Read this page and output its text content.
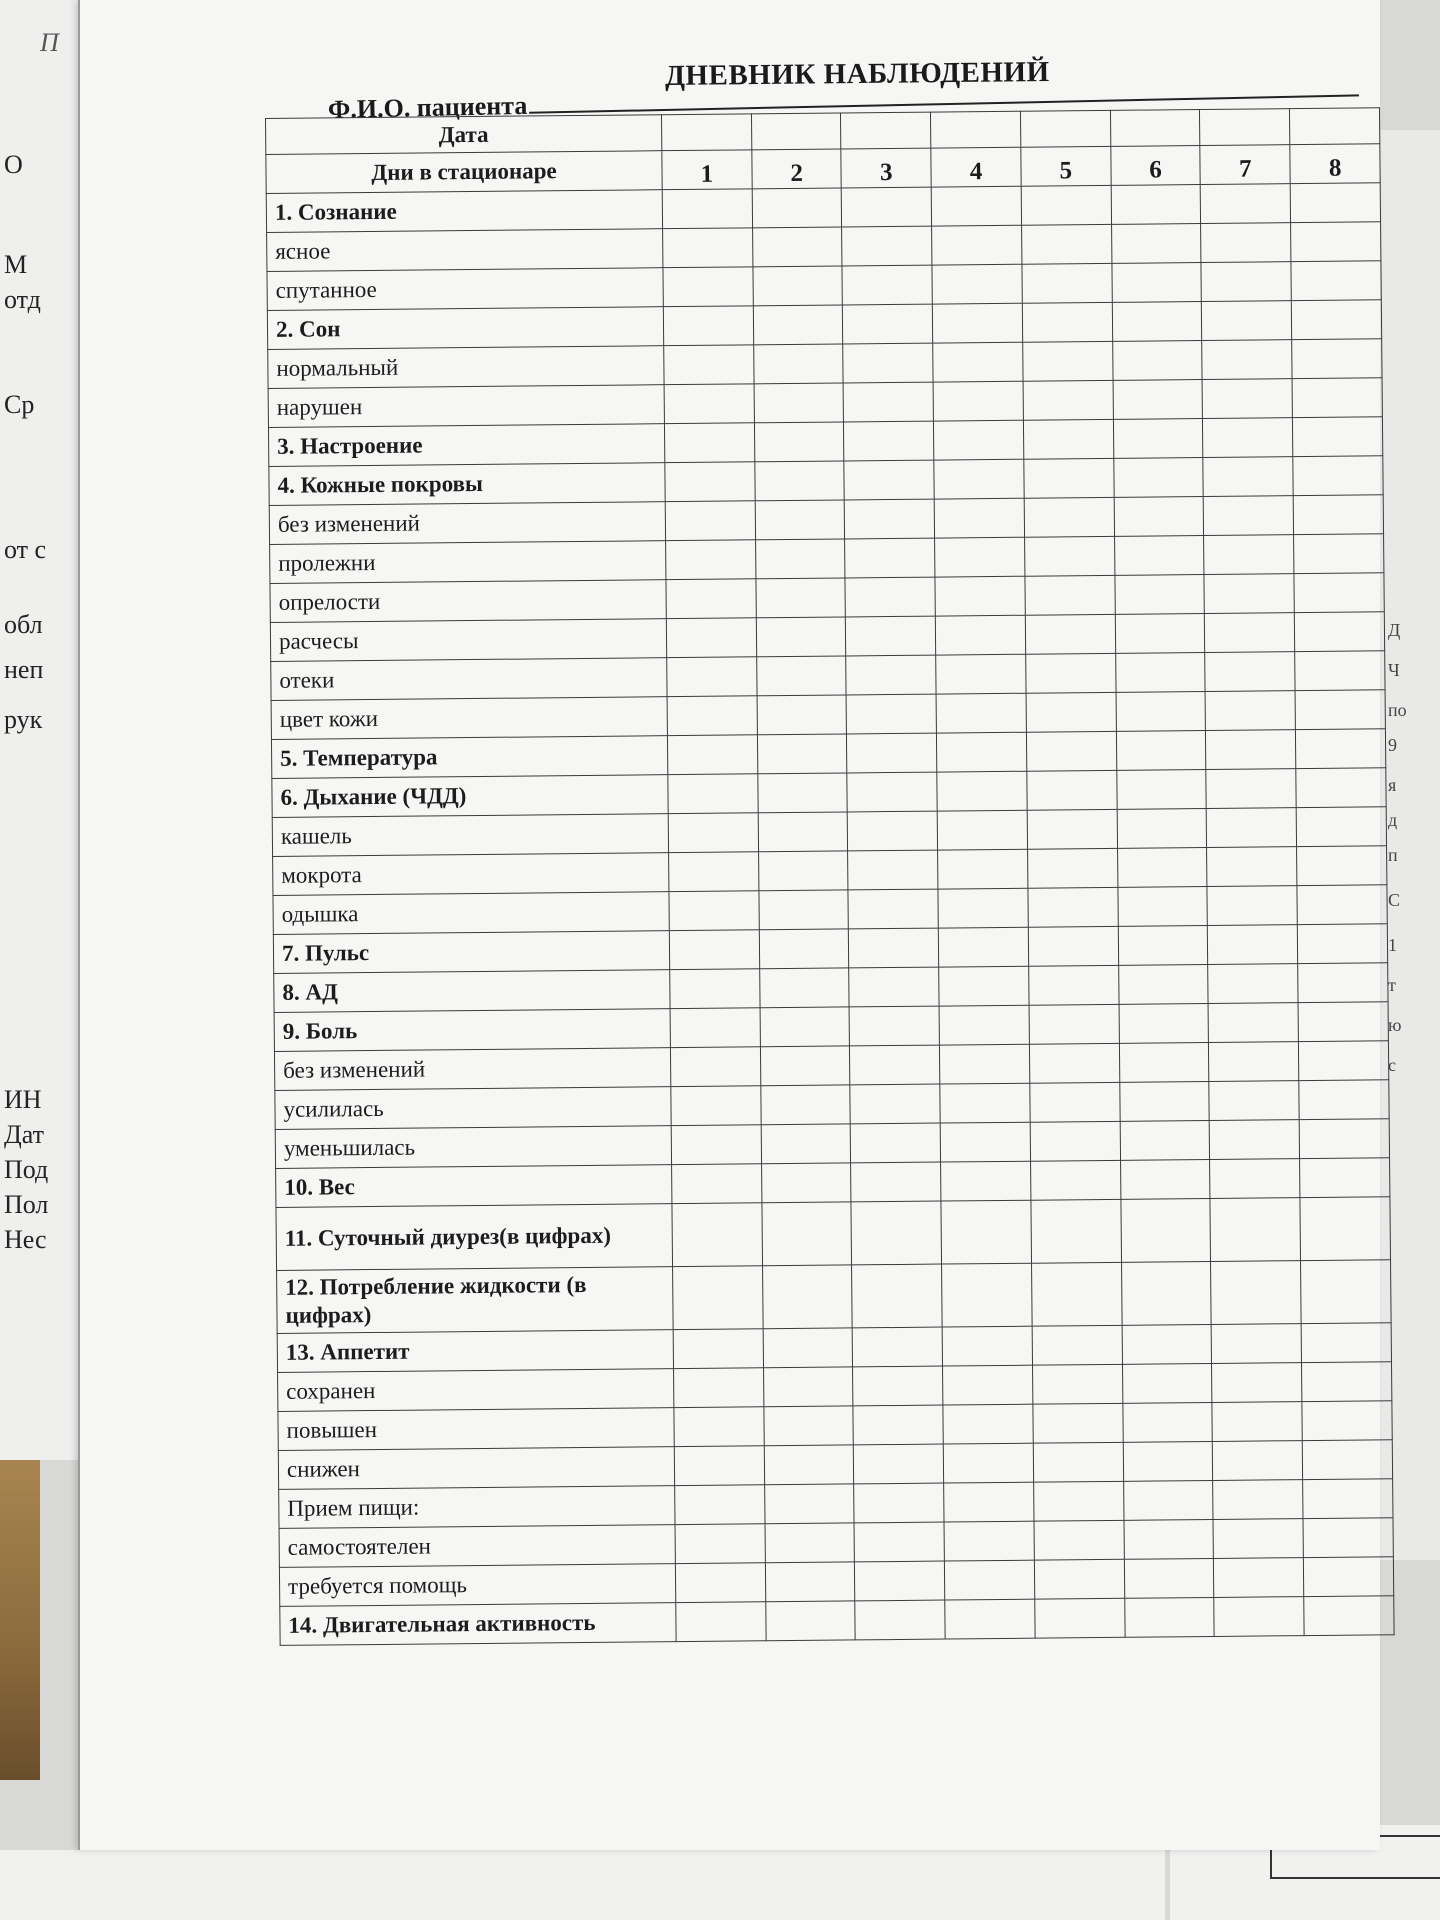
П
О
М
отд
Ср
от с
обл
неп
рук
ИН
Дат
Под
Пол
Нес
Д
Ч
по
9
я
д
п
С
1
т
ю
с
ДНЕВНИК НАБЛЮДЕНИЙ
Ф.И.О. пациента
Дата								
Дни в стационаре	1	2	3	4	5	6	7	8
1. Сознание								
ясное								
спутанное								
2. Сон								
нормальный								
нарушен								
3. Настроение								
4. Кожные покровы								
без изменений								
пролежни								
опрелости								
расчесы								
отеки								
цвет кожи								
5. Температура								
6. Дыхание (ЧДД)								
кашель								
мокрота								
одышка								
7. Пульс								
8. АД								
9. Боль								
без изменений								
усилилась								
уменьшилась								
10. Вес								
11. Суточный диурез(в цифрах)								
12. Потребление жидкости (в цифрах)								
13. Аппетит								
сохранен								
повышен								
снижен								
Прием пищи:								
самостоятелен								
требуется помощь								
14. Двигательная активность								
